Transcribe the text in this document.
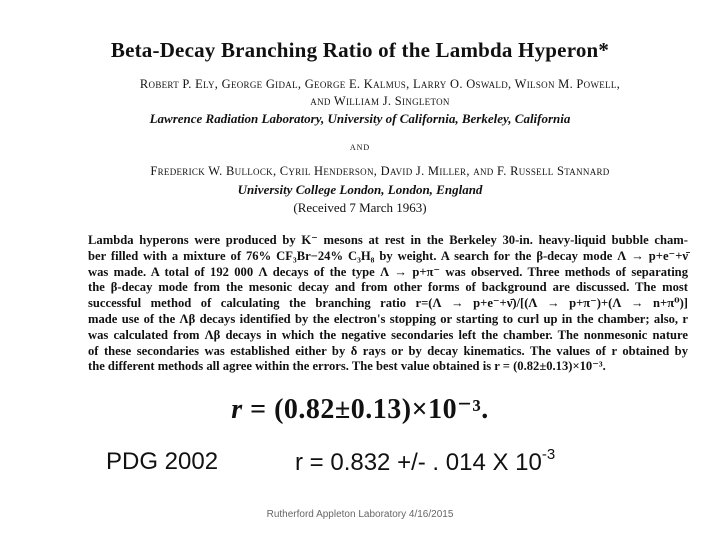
Beta-Decay Branching Ratio of the Lambda Hyperon*
Robert P. Ely, George Gidal, George E. Kalmus, Larry O. Oswald, Wilson M. Powell,
and William J. Singleton
Lawrence Radiation Laboratory, University of California, Berkeley, California
and
Frederick W. Bullock, Cyril Henderson, David J. Miller, and F. Russell Stannard
University College London, London, England
(Received 7 March 1963)
Lambda hyperons were produced by K⁻ mesons at rest in the Berkeley 30-in. heavy-liquid bubble cham-
ber filled with a mixture of 76% CF₃Br−24% C₃H₈ by weight. A search for the β-decay mode Λ → p+e⁻+ν̄
was made. A total of 192 000 Λ decays of the type Λ → p+π⁻ was observed. Three methods of separating
the β-decay mode from the mesonic decay and from other forms of background are discussed. The most
successful method of calculating the branching ratio r=(Λ → p+e⁻+ν̄)/[(Λ → p+π⁻)+(Λ → n+π⁰)]
made use of the Λβ decays identified by the electron's stopping or starting to curl up in the chamber; also, r
was calculated from Λβ decays in which the negative secondaries left the chamber. The nonmesonic nature
of these secondaries was established either by δ rays or by decay kinematics. The values of r obtained by
the different methods all agree within the errors. The best value obtained is r = (0.82±0.13)×10⁻³.
r = (0.82±0.13)×10⁻³.
PDG 2002	r = 0.832 +/- . 014 X $10^{-3}$
Rutherford Appleton Laboratory 4/16/2015
